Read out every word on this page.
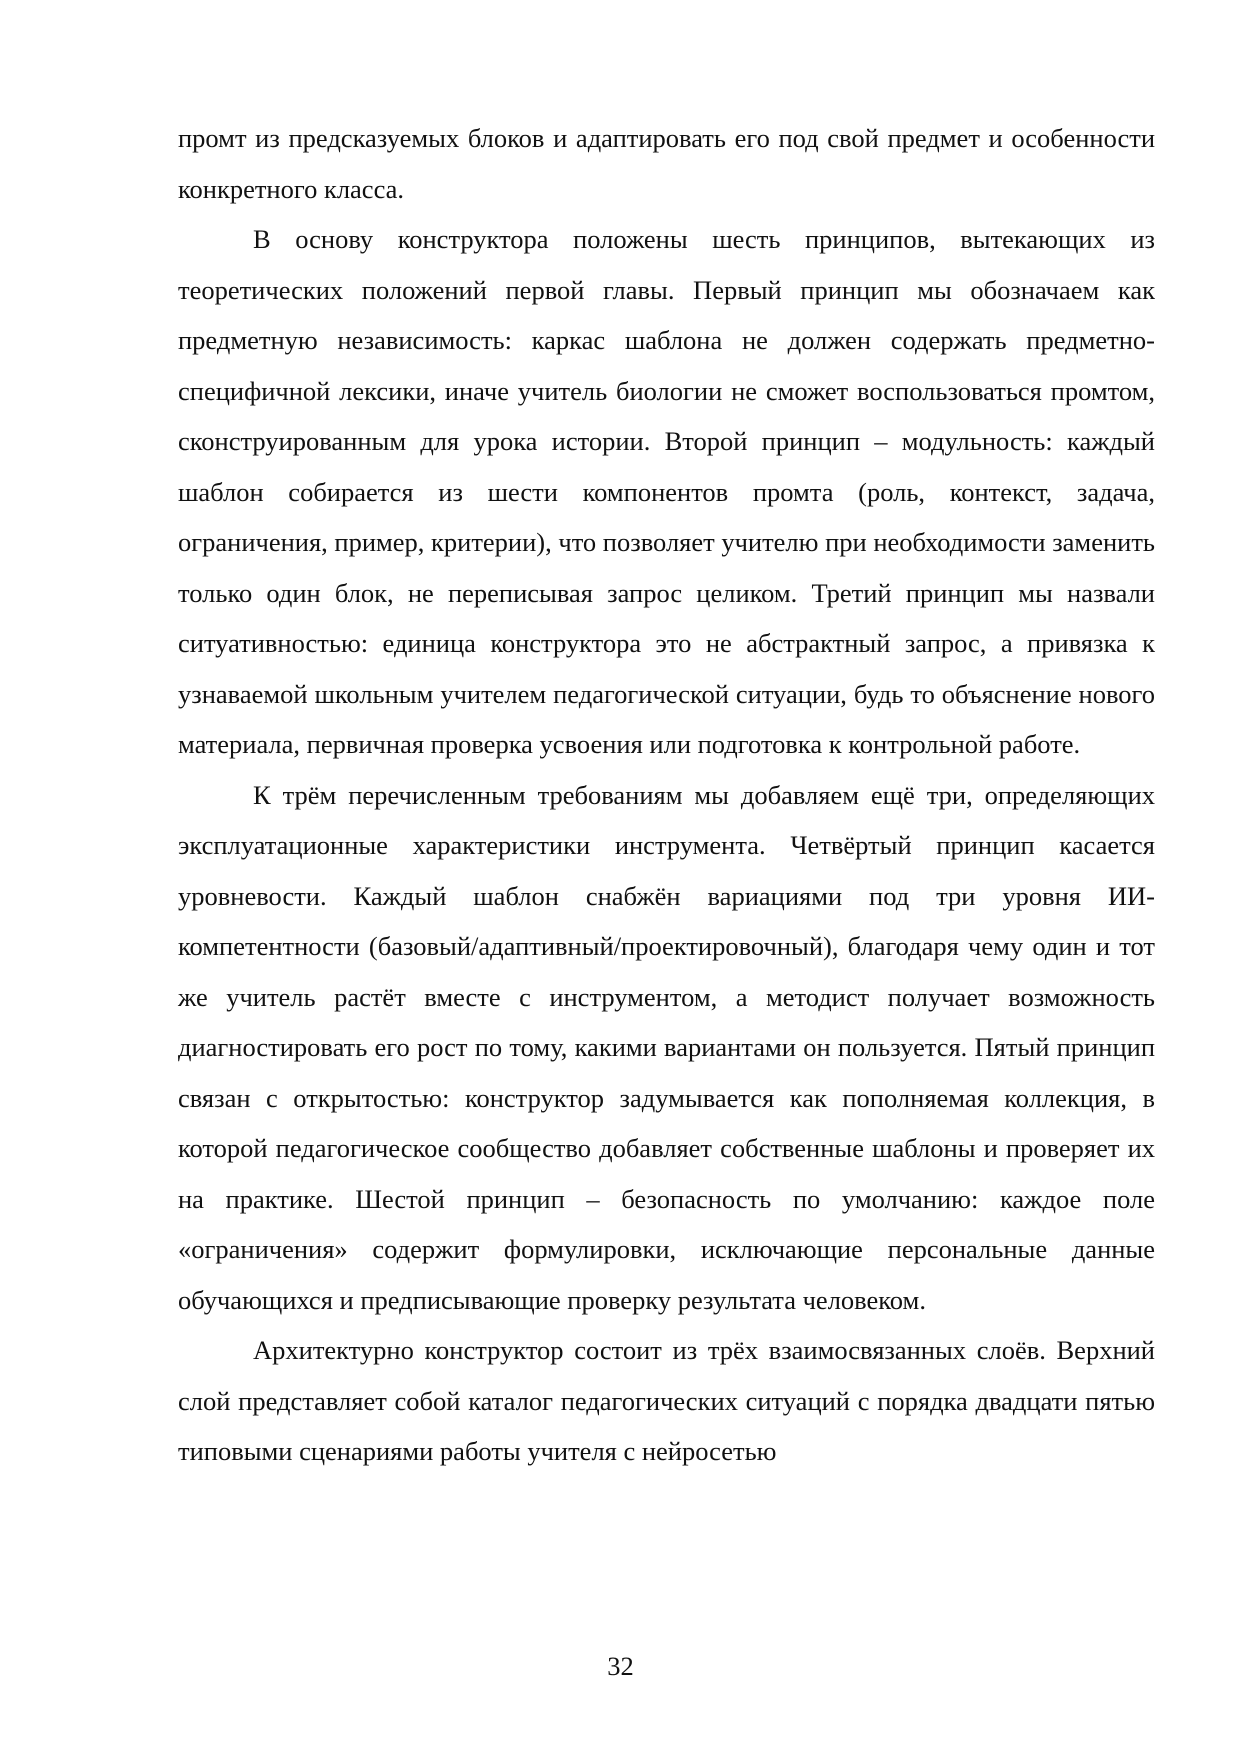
промт из предсказуемых блоков и адаптировать его под свой предмет и особенности конкретного класса.

В основу конструктора положены шесть принципов, вытекающих из теоретических положений первой главы. Первый принцип мы обозначаем как предметную независимость: каркас шаблона не должен содержать предметно-специфичной лексики, иначе учитель биологии не сможет воспользоваться промтом, сконструированным для урока истории. Второй принцип – модульность: каждый шаблон собирается из шести компонентов промта (роль, контекст, задача, ограничения, пример, критерии), что позволяет учителю при необходимости заменить только один блок, не переписывая запрос целиком. Третий принцип мы назвали ситуативностью: единица конструктора это не абстрактный запрос, а привязка к узнаваемой школьным учителем педагогической ситуации, будь то объяснение нового материала, первичная проверка усвоения или подготовка к контрольной работе.

К трём перечисленным требованиям мы добавляем ещё три, определяющих эксплуатационные характеристики инструмента. Четвёртый принцип касается уровневости. Каждый шаблон снабжён вариациями под три уровня ИИ-компетентности (базовый/адаптивный/проектировочный), благодаря чему один и тот же учитель растёт вместе с инструментом, а методист получает возможность диагностировать его рост по тому, какими вариантами он пользуется. Пятый принцип связан с открытостью: конструктор задумывается как пополняемая коллекция, в которой педагогическое сообщество добавляет собственные шаблоны и проверяет их на практике. Шестой принцип – безопасность по умолчанию: каждое поле «ограничения» содержит формулировки, исключающие персональные данные обучающихся и предписывающие проверку результата человеком.

Архитектурно конструктор состоит из трёх взаимосвязанных слоёв. Верхний слой представляет собой каталог педагогических ситуаций с порядка двадцати пятью типовыми сценариями работы учителя с нейросетью

32
